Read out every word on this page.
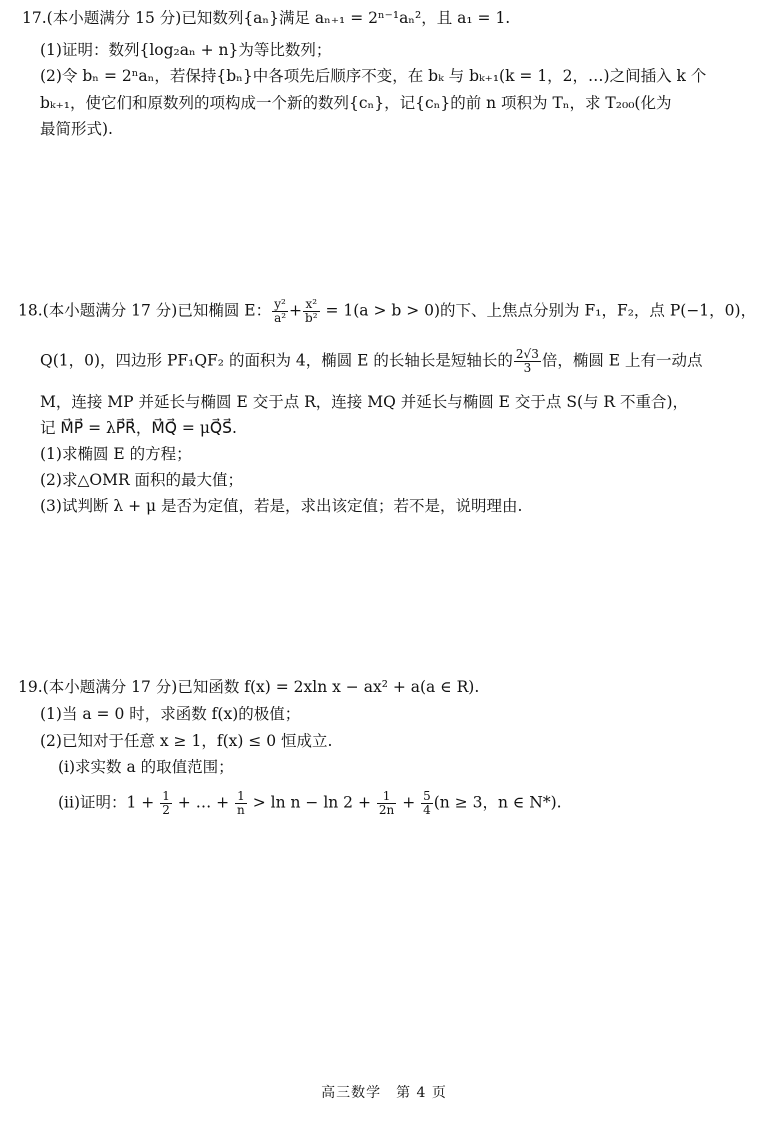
17.(本小题满分 15 分)已知数列{aₙ}满足 aₙ₊₁ = 2ⁿ⁻¹aₙ²，且 a₁ = 1.
(1)证明：数列{log₂aₙ + n}为等比数列；
(2)令 bₙ = 2ⁿaₙ，若保持{bₙ}中各项先后顺序不变，在 bₖ 与 bₖ₊₁(k = 1，2，…)之间插入 k 个
bₖ₊₁，使它们和原数列的项构成一个新的数列{cₙ}，记{cₙ}的前 n 项积为 Tₙ，求 T₂₀₀(化为
最简形式).
18.(本小题满分 17 分)已知椭圆 E： $\frac{\text{y²}}{\text{a²}} + \frac{\text{x²}}{\text{b²}} = 1(a > b > 0)$的下、上焦点分别为 F₁，F₂，点 P(−1，0)，
Q(1，0)，四边形 PF₁QF₂ 的面积为 4，椭圆 E 的长轴长是短轴长的 $\frac{2√3}{3}$ 倍，椭圆 E 上有一动点
M，连接 MP 并延长与椭圆 E 交于点 R，连接 MQ 并延长与椭圆 E 交于点 S(与 R 不重合)，
记 M⃗P⃗ = λP⃗R⃗，M⃗Q⃗ = μQ⃗S⃗.
(1)求椭圆 E 的方程；
(2)求△OMR 面积的最大值；
(3)试判断 λ + μ 是否为定值，若是，求出该定值；若不是，说明理由.
19.(本小题满分 17 分)已知函数 f(x) = 2xln x − ax² + a(a ∈ R).
(1)当 a = 0 时，求函数 f(x)的极值；
(2)已知对于任意 x ≥ 1，f(x) ≤ 0 恒成立.
(i)求实数 a 的取值范围；
(ii)证明：$1 + \frac{1}{2}$ + … + $\frac{1}{n} > \ln n - \ln 2 + \frac{1}{2n} + \frac{5}{4} (n \ge 3$，n ∈ N*).
高三数学　第 4 页
